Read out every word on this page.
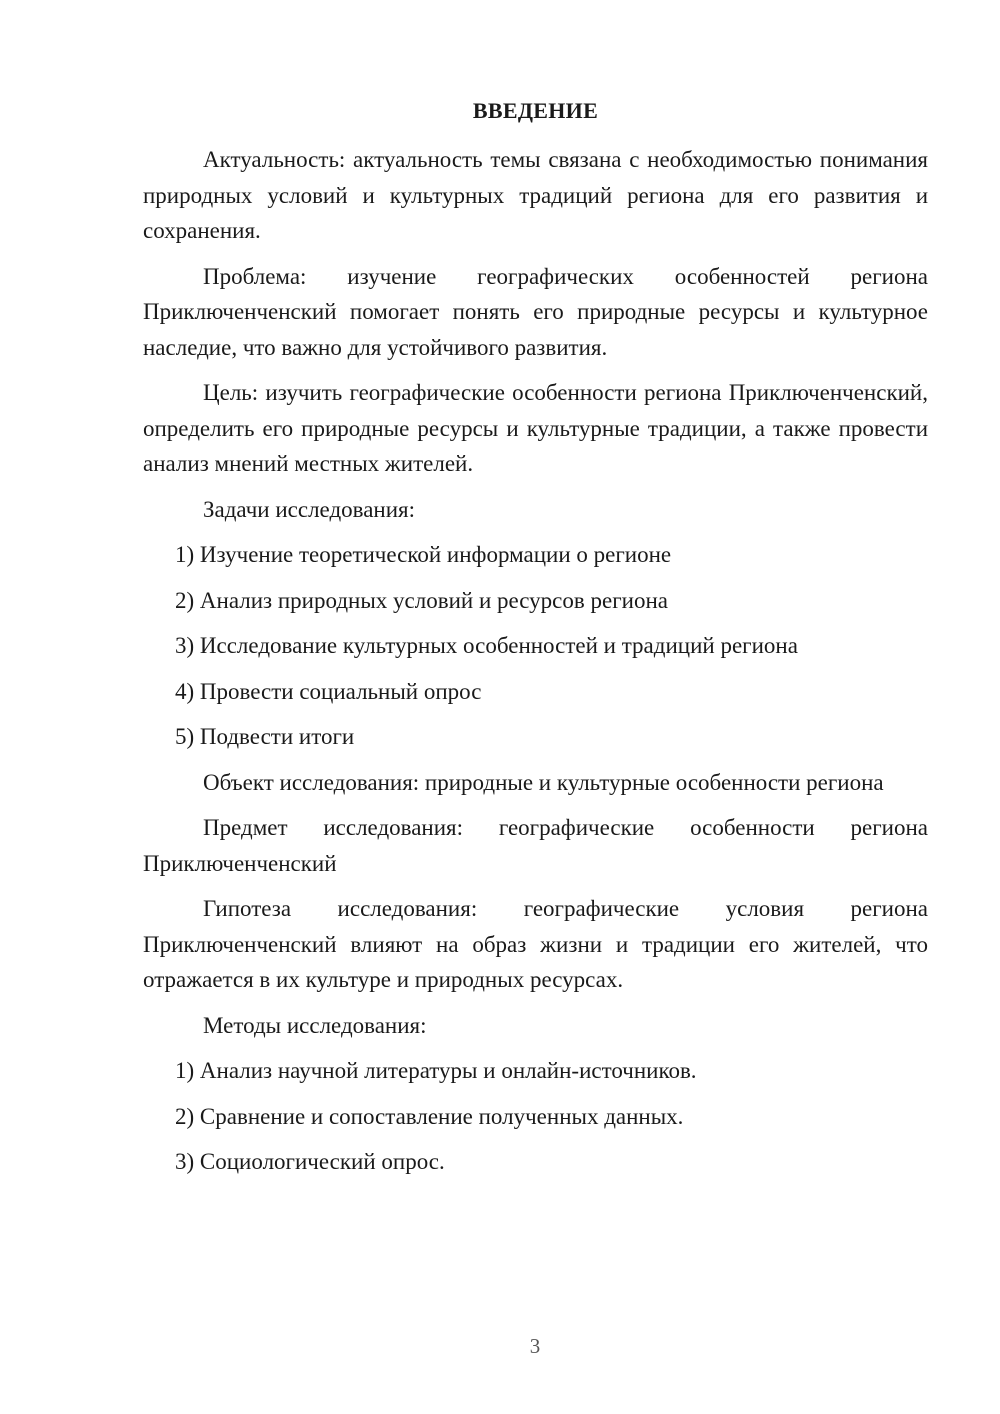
ВВЕДЕНИЕ

Актуальность: актуальность темы связана с необходимостью понимания природных условий и культурных традиций региона для его развития и сохранения.

Проблема: изучение географических особенностей региона Приключенченский помогает понять его природные ресурсы и культурное наследие, что важно для устойчивого развития.

Цель: изучить географические особенности региона Приключенченский, определить его природные ресурсы и культурные традиции, а также провести анализ мнений местных жителей.

Задачи исследования:

1) Изучение теоретической информации о регионе

2) Анализ природных условий и ресурсов региона

3) Исследование культурных особенностей и традиций региона

4) Провести социальный опрос

5) Подвести итоги

Объект исследования: природные и культурные особенности региона

Предмет исследования: географические особенности региона Приключенченский

Гипотеза исследования: географические условия региона Приключенченский влияют на образ жизни и традиции его жителей, что отражается в их культуре и природных ресурсах.

Методы исследования:

1) Анализ научной литературы и онлайн-источников.

2) Сравнение и сопоставление полученных данных.

3) Социологический опрос.

3
